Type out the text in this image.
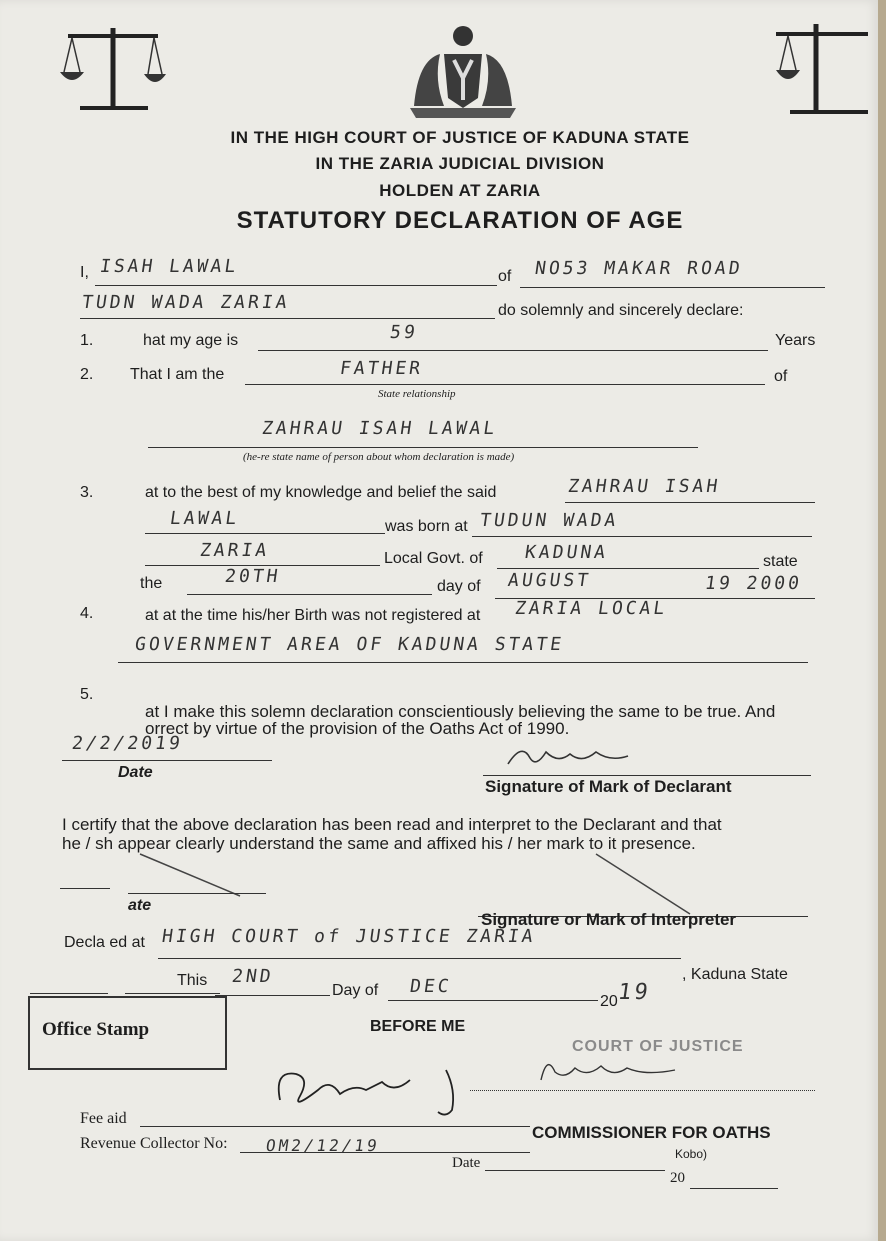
IN THE HIGH COURT OF JUSTICE OF KADUNA STATE
IN THE ZARIA JUDICIAL DIVISION
HOLDEN AT ZARIA
STATUTORY DECLARATION OF AGE
I, ISAH LAWAL	of NO53 MAKAR ROAD
TUDN WADA ZARIA	do solemnly and sincerely declare:
1.	hat my age is	59	Years
2. That I am the	FATHER	of
State relationship
ZAHRAU ISAH LAWAL
(he-re state name of person about whom declaration is made)
3.	at to the best of my knowledge and belief the said	ZAHRAU ISAH
LAWAL	was born at TUDUN WADA
ZARIA	Local Govt. of KADUNA	state
the	20TH	day of AUGUST	19 2000
4.	at at the time his/her Birth was not registered at ZARIA LOCAL
GOVERNMENT AREA OF KADUNA STATE
5.
at I make this solemn declaration conscientiously believing the same to be true. And
orrect by virtue of the provision of the Oaths Act of 1990.
2/2/2019
Date
Signature of Mark of Declarant
I certify that the above declaration has been read and interpret to the Declarant and that
he / sh appear clearly understand the same and affixed his / her mark to it presence.
ate
Signature or Mark of Interpreter
Decla ed at HIGH COURT of JUSTICE ZARIA
, Kaduna State
This 2ND
Day of DEC
20
19
Office Stamp	BEFORE ME
COURT OF JUSTICE
Fee aid
Revenue Collector No: OM2/12/19
Date
20
COMMISSIONER FOR OATHS
Kobo)
